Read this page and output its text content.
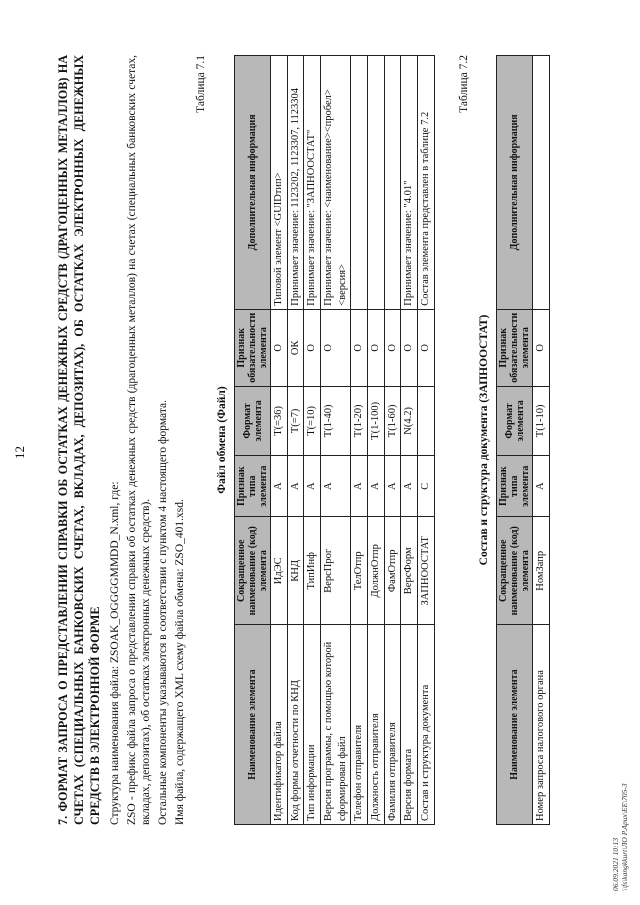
12 7. ФОРМАТ ЗАПРОСА О ПРЕДСТАВЛЕНИИ СПРАВКИ ОБ ОСТАТКАХ ДЕНЕЖНЫХ СРЕДСТВ (ДРАГОЦЕННЫХ МЕТАЛЛОВ) НА СЧЕТАХ (СПЕЦИАЛЬНЫХ БАНКОВСКИХ СЧЕТАХ, ВКЛАДАХ, ДЕПОЗИТАХ), ОБ ОСТАТКАХ ЭЛЕКТРОННЫХ ДЕНЕЖНЫХ СРЕДСТВ В ЭЛЕКТРОННОЙ ФОРМЕ Структура наименования файла: ZSOAK_OGGGGMMDD_N.xml, где: ZSO - префикс файла запроса о представлении справки об остатках денежных средств (драгоценных металлов) на счетах (специальных банковских счетах, вкладах, депозитах), об остатках электронных денежных средств). Остальные компоненты указываются в соответствии с пунктом 4 настоящего формата. Имя файла, содержащего XML схему файла обмена: ZSO_401.xsd.

Таблица 7.1
Файл обмена (Файл)
Наименование элемента	Сокращенное наименование (код) элемента	Признак типа элемента	Формат элемента	Признак обязательности элемента	Дополнительная информация
Идентификатор файла	ИдЭС	А	T(=36)	О	Типовой элемент <GUIDтип>
Код формы отчетности по КНД	КНД	А	T(=7)	ОК	Принимает значение: 1123202, 1123307, 1123304
Тип информации	ТипИнф	А	T(=10)	О	Принимает значение: "ЗАПНООСТАТ"
Версия программы, с помощью которой сформирован файл	ВерсПрог	А	T(1-40)	О	Принимает значение: <наименование><пробел><версия>
Телефон отправителя	ТелОтпр	А	T(1-20)	О	
Должность отправителя	ДолжнОтпр	А	T(1-100)	О	
Фамилия отправителя	ФамОтпр	А	T(1-60)	О	
Версия формата	ВерсФорм	А	N(4.2)	О	Принимает значение: "4.01"
Состав и структура документа	ЗАПНООСТАТ	С		О	Состав элемента представлен в таблице 7.2
Таблица 7.2
Состав и структура документа (ЗАПНООСТАТ)
Наименование элемента	Сокращенное наименование (код) элемента	Признак типа элемента	Формат элемента	Признак обязательности элемента	Дополнительная информация
Номер запроса налогового органа	НомЗапр	А	T(1-10)	О	
06.09.2021 10:13 \\fs\kangkkurt\ЛО Р.Арих\ЕЕ\705-3
